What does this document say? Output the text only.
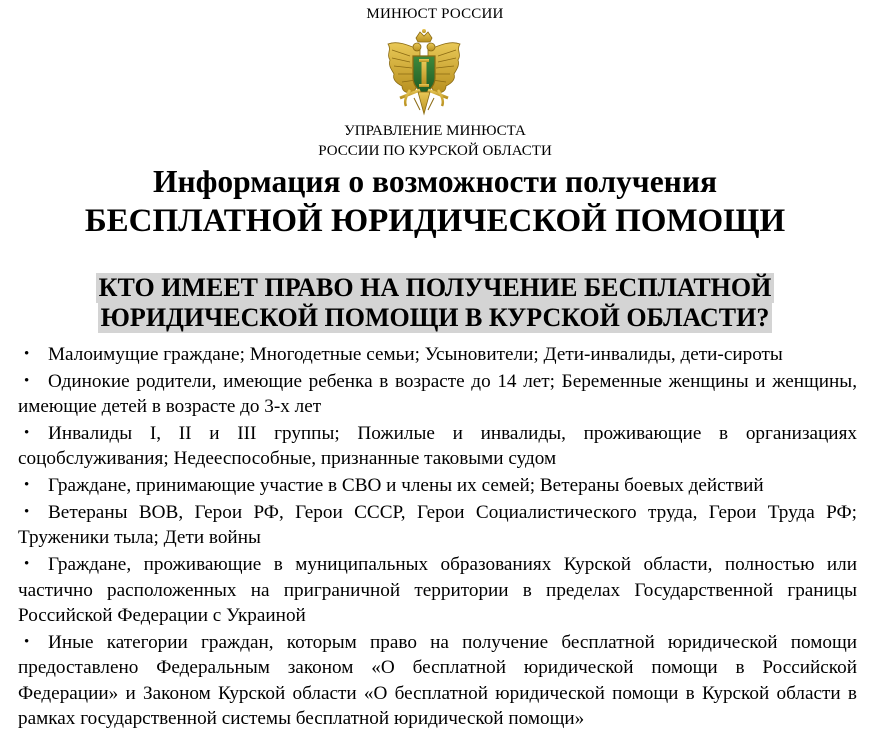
МИНЮСТ РОССИИ
УПРАВЛЕНИЕ МИНЮСТА
РОССИИ ПО КУРСКОЙ ОБЛАСТИ
Информация о возможности получения
БЕСПЛАТНОЙ ЮРИДИЧЕСКОЙ ПОМОЩИ
КТО ИМЕЕТ ПРАВО НА ПОЛУЧЕНИЕ БЕСПЛАТНОЙ
ЮРИДИЧЕСКОЙ ПОМОЩИ В КУРСКОЙ ОБЛАСТИ?
• Малоимущие граждане; Многодетные семьи; Усыновители; Дети-инвалиды, дети-сироты
• Одинокие родители, имеющие ребенка в возрасте до 14 лет; Беременные женщины и женщины, имеющие детей в возрасте до 3-х лет
• Инвалиды I, II и III группы; Пожилые и инвалиды, проживающие в организациях соцобслуживания; Недееспособные, признанные таковыми судом
• Граждане, принимающие участие в СВО и члены их семей; Ветераны боевых действий
• Ветераны ВОВ, Герои РФ, Герои СССР, Герои Социалистического труда, Герои Труда РФ; Труженики тыла; Дети войны
• Граждане, проживающие в муниципальных образованиях Курской области, полностью или частично расположенных на приграничной территории в пределах Государственной границы Российской Федерации с Украиной
• Иные категории граждан, которым право на получение бесплатной юридической помощи предоставлено Федеральным законом «О бесплатной юридической помощи в Российской Федерации» и Законом Курской области «О бесплатной юридической помощи в Курской области в рамках государственной системы бесплатной юридической помощи»
